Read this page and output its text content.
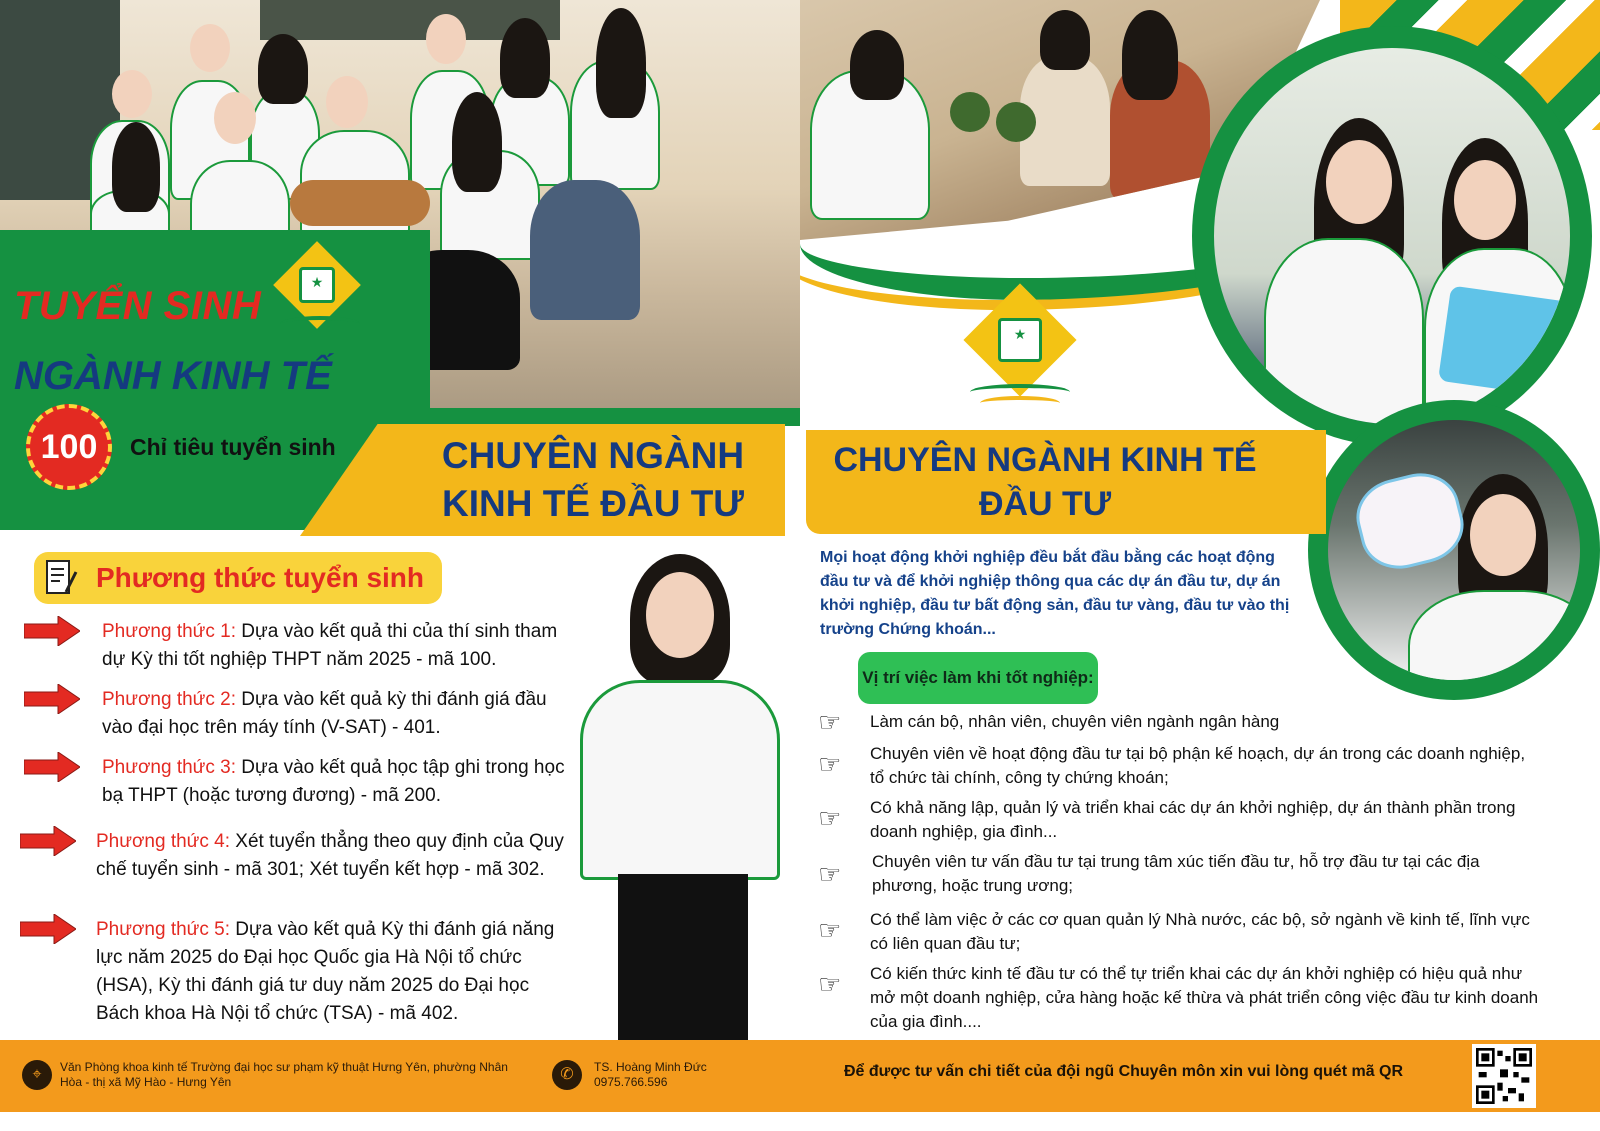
★
TUYỂN SINH
NGÀNH KINH TẾ
100 Chỉ tiêu tuyển sinh	CHUYÊN NGÀNH
KINH TẾ ĐẦU TƯ
Phương thức tuyển sinh
Phương thức 1: Dựa vào kết quả thi của thí sinh tham dự Kỳ thi tốt nghiệp THPT năm 2025 - mã 100.
Phương thức 2: Dựa vào kết quả kỳ thi đánh giá đầu vào đại học trên máy tính (V-SAT) - 401.
Phương thức 3: Dựa vào kết quả học tập ghi trong học bạ THPT (hoặc tương đương) - mã 200.
Phương thức 4: Xét tuyển thẳng theo quy định của Quy chế tuyển sinh - mã 301; Xét tuyển kết hợp - mã 302.
Phương thức 5: Dựa vào kết quả Kỳ thi đánh giá năng lực năm 2025 do Đại học Quốc gia Hà Nội tổ chức (HSA), Kỳ thi đánh giá tư duy năm 2025 do Đại học Bách khoa Hà Nội tổ chức (TSA) - mã 402.
★
CHUYÊN NGÀNH KINH TẾ
ĐẦU TƯ
Mọi hoạt động khởi nghiệp đều bắt đầu bằng các hoạt động đầu tư và để khởi nghiệp thông qua các dự án đầu tư, dự án khởi nghiệp, đầu tư bất động sản, đầu tư vàng, đầu tư vào thị trường Chứng khoán...
Vị trí việc làm khi tốt nghiệp:
☞	Làm cán bộ, nhân viên, chuyên viên ngành ngân hàng
☞	Chuyên viên về hoạt động đầu tư tại bộ phận kế hoạch, dự án trong các doanh nghiệp, tổ chức tài chính, công ty chứng khoán;
☞	Có khả năng lập, quản lý và triển khai các dự án khởi nghiệp, dự án thành phần trong doanh nghiệp, gia đình...
☞	Chuyên viên tư vấn đầu tư tại trung tâm xúc tiến đầu tư, hỗ trợ đầu tư tại các địa phương, hoặc trung ương;
☞	Có thể làm việc ở các cơ quan quản lý Nhà nước, các bộ, sở ngành về kinh tế, lĩnh vực có liên quan đầu tư;
☞	Có kiến thức kinh tế đầu tư có thể tự triển khai các dự án khởi nghiệp có hiệu quả như mở một doanh nghiệp, cửa hàng hoặc kế thừa và phát triển công việc đầu tư kinh doanh của gia đình....
⌖	Văn Phòng khoa kinh tế Trường đại học sư phạm kỹ thuật Hưng Yên, phường Nhân Hòa - thị xã Mỹ Hào - Hưng Yên	✆	TS. Hoàng Minh Đức
0975.766.596
Để được tư vấn chi tiết của đội ngũ Chuyên môn xin vui lòng quét mã QR
